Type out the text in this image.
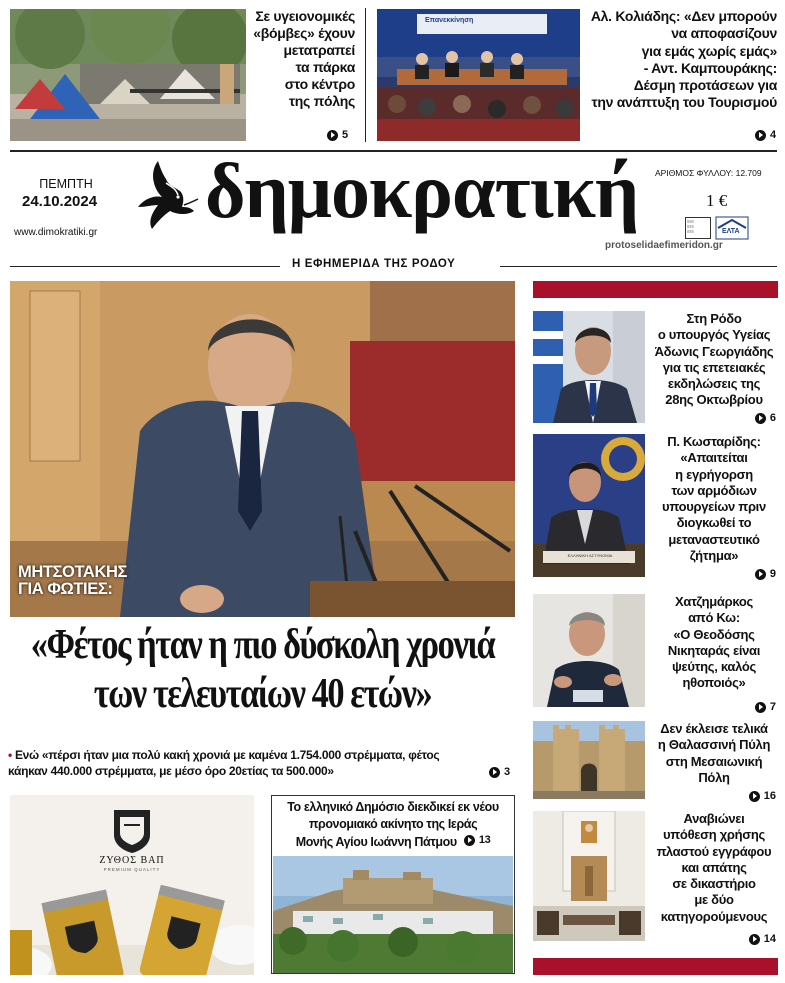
Σε υγειονομικές
«βόμβες» έχουν
μετατραπεί
τα πάρκα
στο κέντρο
της πόλης
5
Επανεκκίνηση	Αλ. Κολιάδης: «Δεν μπορούν
να αποφασίζουν
για εμάς χωρίς εμάς»
- Αντ. Καμπουράκης:
Δέσμη προτάσεων για
την ανάπτυξη του Τουρισμού
4
ΠΕΜΠΤΗ
24.10.2024
www.dimokratiki.gr δημοκρατική ΑΡΙΘΜΟΣ ΦΥΛΛΟΥ: 12.709
1 €
≡≡≡
≡≡≡
≡≡≡	ΕΛΤΑ
protoselidaefimeridon.gr
Η ΕΦΗΜΕΡΙΔΑ ΤΗΣ ΡΟΔΟΥ
ΜΗΤΣΟΤΑΚΗΣ
ΓΙΑ ΦΩΤΙΕΣ:
«Φέτος ήταν η πιο δύσκολη χρονιά
των τελευταίων 40 ετών»
• Ενώ «πέρσι ήταν μια πολύ κακή χρονιά με καμένα 1.754.000 στρέμματα, φέτος
κάηκαν 440.000 στρέμματα, με μέσο όρο 20ετίας τα 500.000»	3
ΖΥΘΟΣ ΒΑΠ
PREMIUM QUALITY
Το ελληνικό Δημόσιο διεκδικεί εκ νέου
προνομιακό ακίνητο της Ιεράς
Μονής Αγίου Ιωάννη Πάτμου 13
Στη Ρόδο
ο υπουργός Υγείας
Άδωνις Γεωργιάδης
για τις επετειακές
εκδηλώσεις της
28ης Οκτωβρίου
6
ΕΛΛΗΝΙΚΗ ΑΣΤΥΝΟΜΙΑ
Π. Κωσταρίδης:
«Απαιτείται
η εγρήγορση
των αρμόδιων
υπουργείων πριν
διογκωθεί το
μεταναστευτικό
ζήτημα»
9
Χατζημάρκος
από Κω:
«Ο Θεοδόσης
Νικηταράς είναι
ψεύτης, καλός
ηθοποιός»
7
Δεν έκλεισε τελικά
η Θαλασσινή Πύλη
στη Μεσαιωνική
Πόλη
16
Αναβιώνει
υπόθεση χρήσης
πλαστού εγγράφου
και απάτης
σε δικαστήριο
με δύο
κατηγορούμενους
14
